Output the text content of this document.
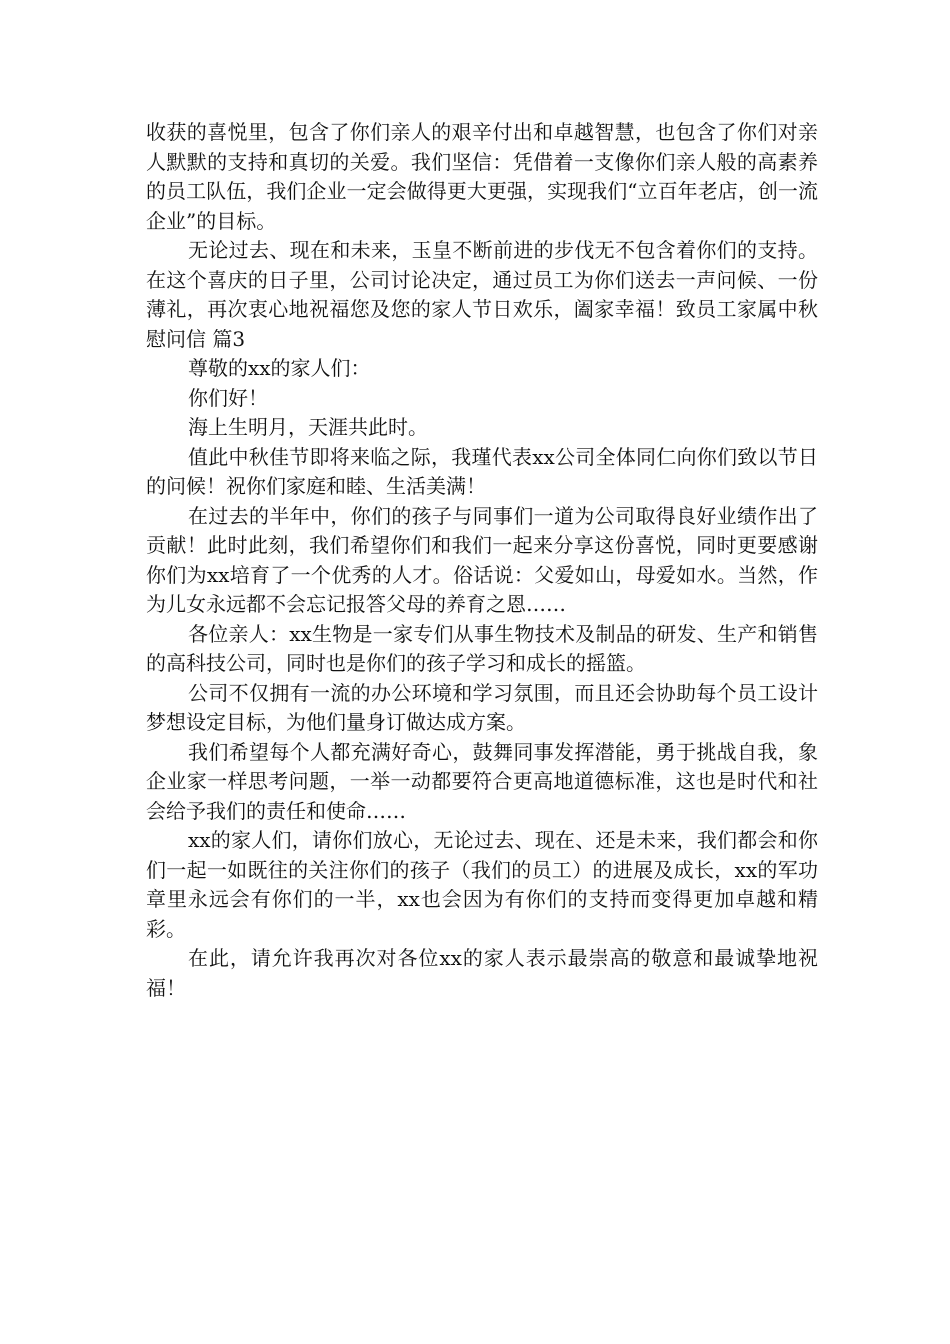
收获的喜悦里，包含了你们亲人的艰辛付出和卓越智慧，也包含了你们对亲人默默的支持和真切的关爱。我们坚信：凭借着一支像你们亲人般的高素养的员工队伍，我们企业一定会做得更大更强，实现我们“立百年老店，创一流企业”的目标。

无论过去、现在和未来，玉皇不断前进的步伐无不包含着你们的支持。在这个喜庆的日子里，公司讨论决定，通过员工为你们送去一声问候、一份薄礼，再次衷心地祝福您及您的家人节日欢乐，阖家幸福！致员工家属中秋慰问信 篇3

尊敬的xx的家人们：

你们好！

海上生明月，天涯共此时。

值此中秋佳节即将来临之际，我瑾代表xx公司全体同仁向你们致以节日的问候！祝你们家庭和睦、生活美满！

在过去的半年中，你们的孩子与同事们一道为公司取得良好业绩作出了贡献！此时此刻，我们希望你们和我们一起来分享这份喜悦，同时更要感谢你们为xx培育了一个优秀的人才。俗话说：父爱如山，母爱如水。当然，作为儿女永远都不会忘记报答父母的养育之恩……

各位亲人：xx生物是一家专们从事生物技术及制品的研发、生产和销售的高科技公司，同时也是你们的孩子学习和成长的摇篮。

公司不仅拥有一流的办公环境和学习氛围，而且还会协助每个员工设计梦想设定目标，为他们量身订做达成方案。

我们希望每个人都充满好奇心，鼓舞同事发挥潜能，勇于挑战自我，象企业家一样思考问题，一举一动都要符合更高地道德标准，这也是时代和社会给予我们的责任和使命……

xx的家人们，请你们放心，无论过去、现在、还是未来，我们都会和你们一起一如既往的关注你们的孩子（我们的员工）的进展及成长，xx的军功章里永远会有你们的一半，xx也会因为有你们的支持而变得更加卓越和精彩。

在此，请允许我再次对各位xx的家人表示最崇高的敬意和最诚挚地祝福！
